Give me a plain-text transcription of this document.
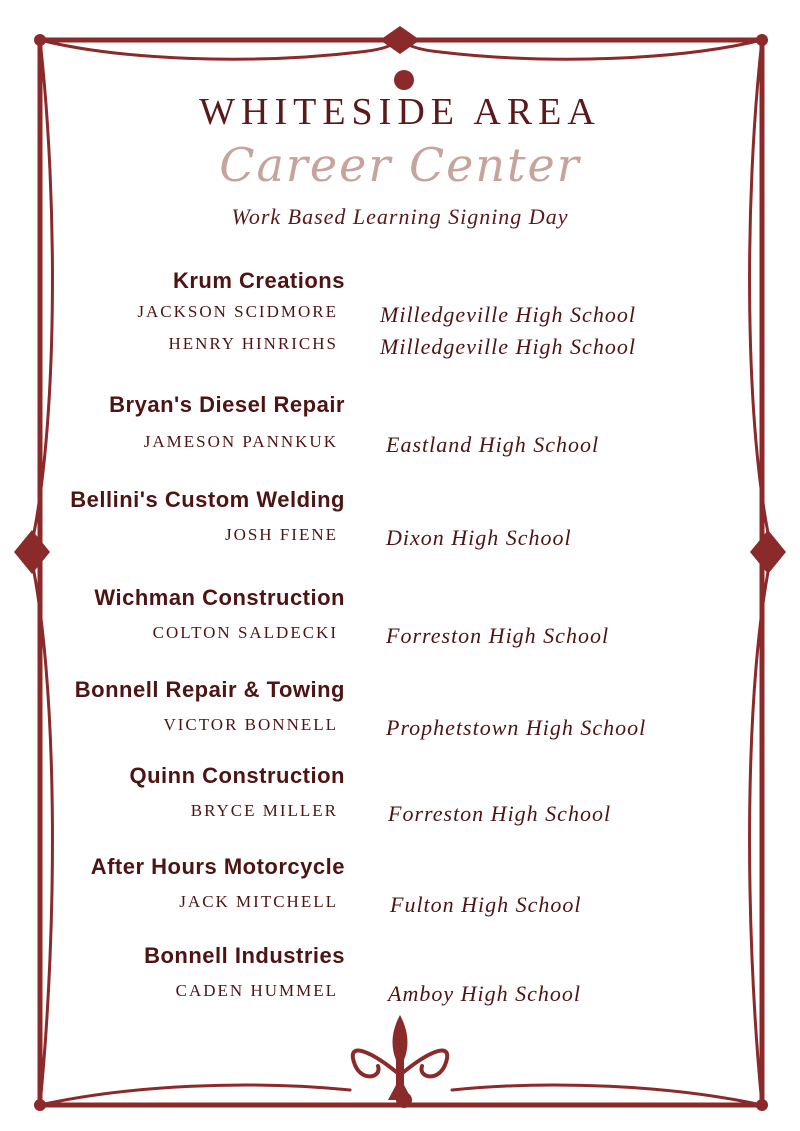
WHITESIDE AREA
Career Center
Work Based Learning Signing Day
Krum Creations
JACKSON SCIDMORE Milledgeville High School
HENRY HINRICHS Milledgeville High School
Bryan's Diesel Repair
JAMESON PANNKUK Eastland High School
Bellini's Custom Welding
JOSH FIENE Dixon High School
Wichman Construction
COLTON SALDECKI Forreston High School
Bonnell Repair & Towing
VICTOR BONNELL Prophetstown High School
Quinn Construction
BRYCE MILLER Forreston High School
After Hours Motorcycle
JACK MITCHELL Fulton High School
Bonnell Industries
CADEN HUMMEL Amboy High School
